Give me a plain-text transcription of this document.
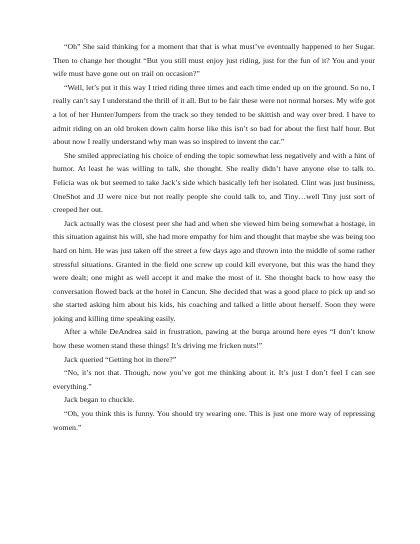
“Oh” She said thinking for a moment that that is what must’ve eventually happened to her Sugar. Then to change her thought “But you still must enjoy just riding, just for the fun of it? You and your wife must have gone out on trail on occasion?”

“Well, let’s put it this way I tried riding three times and each time ended up on the ground. So no, I really can’t say I understand the thrill of it all. But to be fair these were not normal horses. My wife got a lot of her Hunter/Jumpers from the track so they tended to be skittish and way over bred. I have to admit riding on an old broken down calm horse like this isn’t so bad for about the first half hour. But about now I really understand why man was so inspired to invent the car.”

She smiled appreciating his choice of ending the topic somewhat less negatively and with a hint of humor. At least he was willing to talk, she thought. She really didn’t have anyone else to talk to. Felicia was ok but seemed to take Jack’s side which basically left her isolated. Clint was just business, OneShot and JJ were nice but not really people she could talk to, and Tiny…well Tiny just sort of creeped her out.

Jack actually was the closest peer she had and when she viewed him being somewhat a hostage, in this situation against his will, she had more empathy for him and thought that maybe she was being too hard on him. He was just taken off the street a few days ago and thrown into the middle of some rather stressful situations. Granted in the field one screw up could kill everyone, but this was the hand they were dealt; one might as well accept it and make the most of it. She thought back to how easy the conversation flowed back at the hotel in Cancun. She decided that was a good place to pick up and so she started asking him about his kids, his coaching and talked a little about herself. Soon they were joking and killing time speaking easily.

After a while DeAndrea said in frustration, pawing at the burqa around here eyes “I don’t know how these women stand these things! It’s driving me fricken nuts!”

Jack queried “Getting hot in there?”

“No, it’s not that. Though, now you’ve got me thinking about it. It’s just I don’t feel I can see everything.”

Jack began to chuckle.

“Oh, you think this is funny. You should try wearing one. This is just one more way of repressing women.”
